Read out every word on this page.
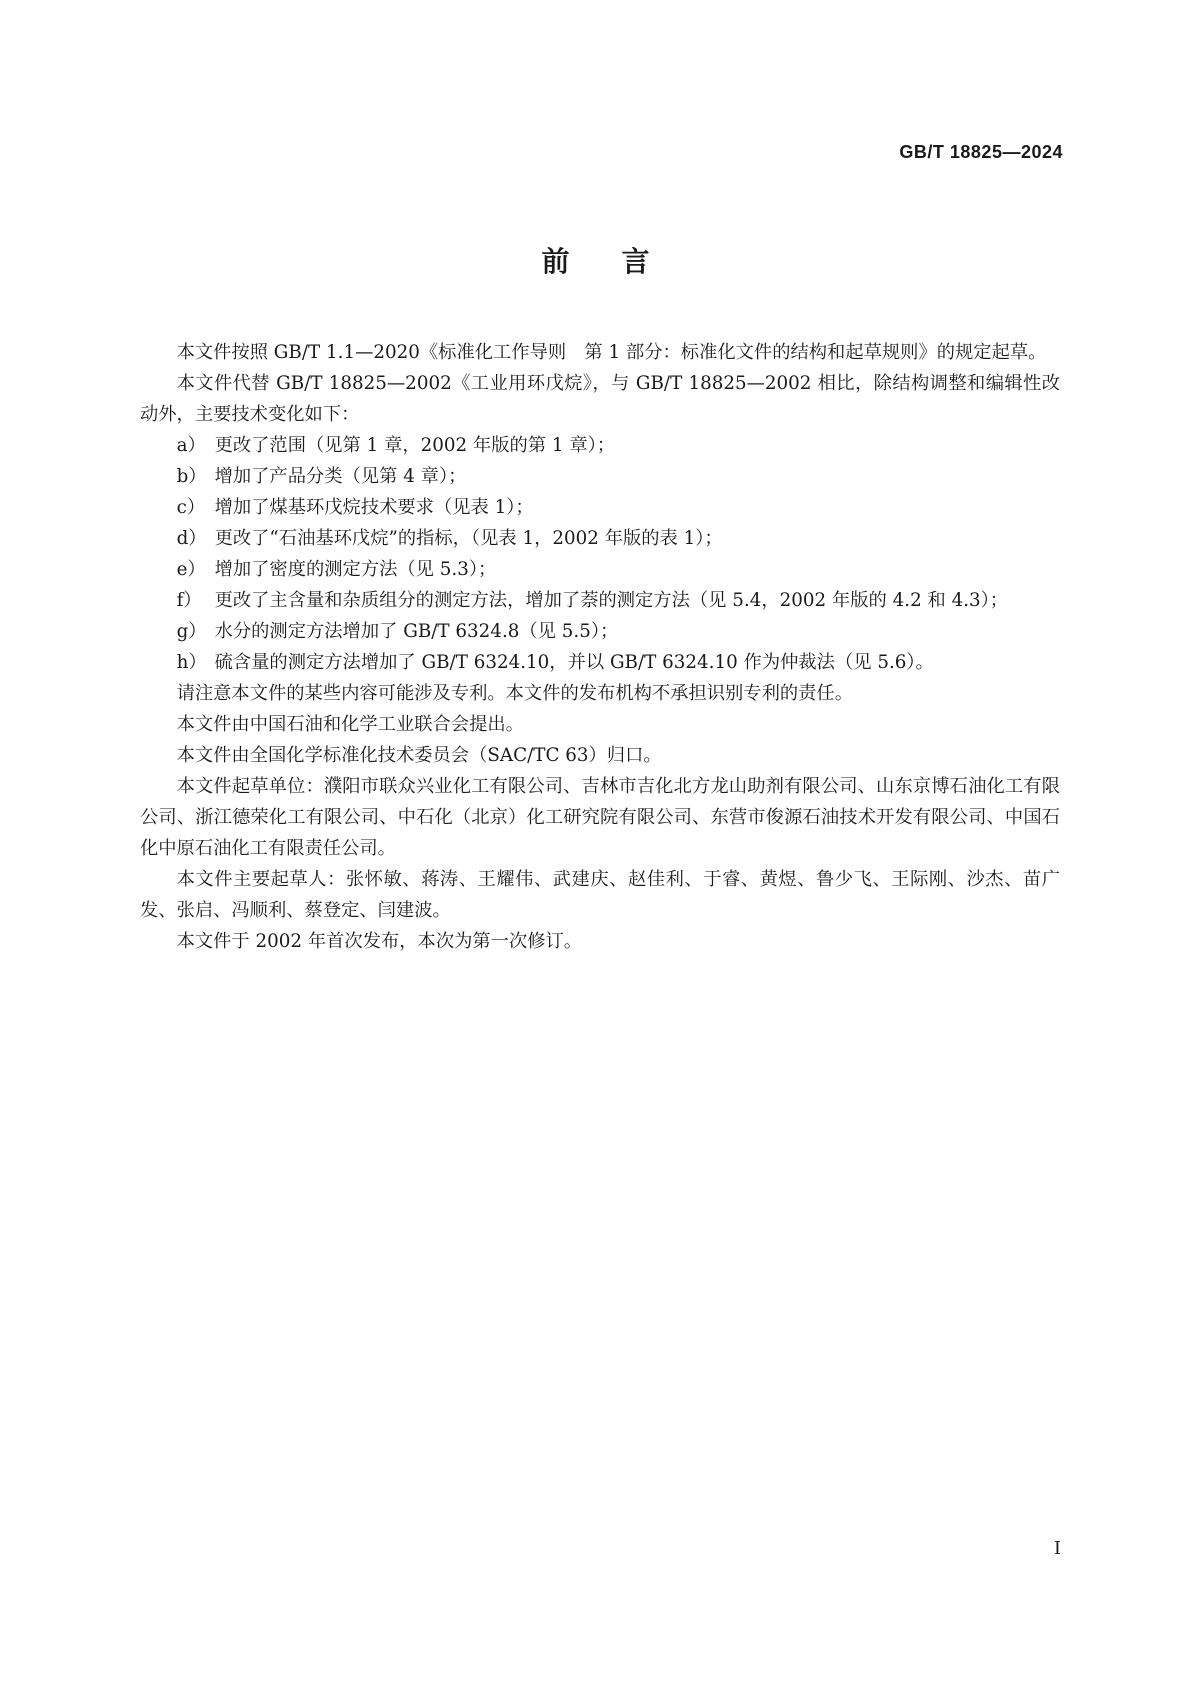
GB/T 18825—2024
前言

本文件按照 GB/T 1.1—2020《标准化工作导则　第 1 部分：标准化文件的结构和起草规则》的规定起草。

本文件代替 GB/T 18825—2002《工业用环戊烷》，与 GB/T 18825—2002 相比，除结构调整和编辑性改动外，主要技术变化如下：

a） 更改了范围（见第 1 章，2002 年版的第 1 章）；
b） 增加了产品分类（见第 4 章）；
c） 增加了煤基环戊烷技术要求（见表 1）；
d） 更改了“石油基环戊烷”的指标，（见表 1，2002 年版的表 1）；
e） 增加了密度的测定方法（见 5.3）；
f） 更改了主含量和杂质组分的测定方法，增加了萘的测定方法（见 5.4，2002 年版的 4.2 和 4.3）；
g） 水分的测定方法增加了 GB/T 6324.8（见 5.5）；
h） 硫含量的测定方法增加了 GB/T 6324.10，并以 GB/T 6324.10 作为仲裁法（见 5.6）。

请注意本文件的某些内容可能涉及专利。本文件的发布机构不承担识别专利的责任。

本文件由中国石油和化学工业联合会提出。

本文件由全国化学标准化技术委员会（SAC/TC 63）归口。

本文件起草单位：濮阳市联众兴业化工有限公司、吉林市吉化北方龙山助剂有限公司、山东京博石油化工有限公司、浙江德荣化工有限公司、中石化（北京）化工研究院有限公司、东营市俊源石油技术开发有限公司、中国石化中原石油化工有限责任公司。

本文件主要起草人：张怀敏、蒋涛、王耀伟、武建庆、赵佳利、于睿、黄煜、鲁少飞、王际刚、沙杰、苗广发、张启、冯顺利、蔡登定、闫建波。

本文件于 2002 年首次发布，本次为第一次修订。

I
